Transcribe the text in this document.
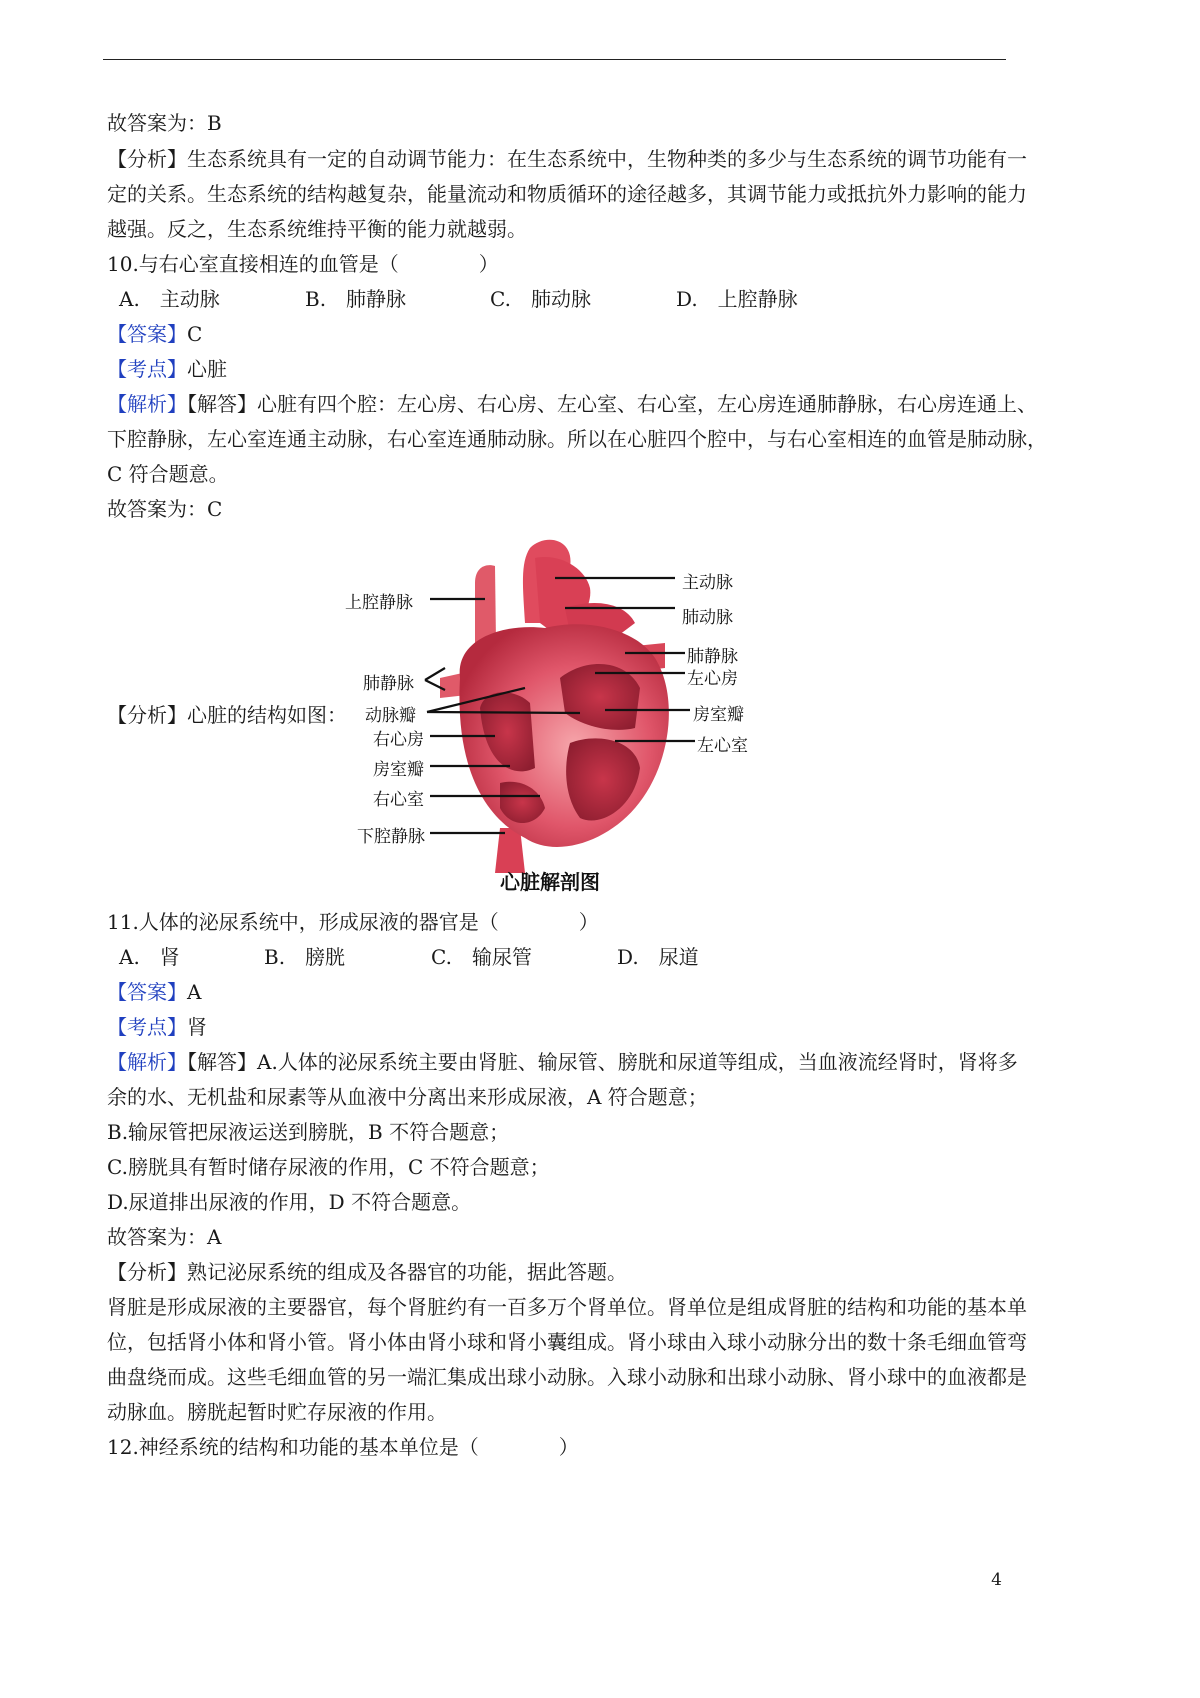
故答案为：B
【分析】生态系统具有一定的自动调节能力：在生态系统中，生物种类的多少与生态系统的调节功能有一
定的关系。生态系统的结构越复杂，能量流动和物质循环的途径越多，其调节能力或抵抗外力影响的能力
越强。反之，生态系统维持平衡的能力就越弱。
10.与右心室直接相连的血管是（　　　　）
A.　主动脉	B.　肺静脉	C.　肺动脉	D.　上腔静脉
【答案】C
【考点】心脏
【解析】【解答】心脏有四个腔：左心房、右心房、左心室、右心室，左心房连通肺静脉，右心房连通上、
下腔静脉，左心室连通主动脉，右心室连通肺动脉。所以在心脏四个腔中，与右心室相连的血管是肺动脉，
C 符合题意。
故答案为：C
【分析】心脏的结构如图：
上腔静脉
肺静脉
动脉瓣
右心房
房室瓣
右心室
下腔静脉
主动脉
肺动脉
肺静脉
左心房
房室瓣
左心室
心脏解剖图
11.人体的泌尿系统中，形成尿液的器官是（　　　　）
A.　肾	B.　膀胱	C.　输尿管	D.　尿道
【答案】A
【考点】肾
【解析】【解答】A.人体的泌尿系统主要由肾脏、输尿管、膀胱和尿道等组成，当血液流经肾时，肾将多
余的水、无机盐和尿素等从血液中分离出来形成尿液，A 符合题意；
B.输尿管把尿液运送到膀胱，B 不符合题意；
C.膀胱具有暂时储存尿液的作用，C 不符合题意；
D.尿道排出尿液的作用，D 不符合题意。
故答案为：A
【分析】熟记泌尿系统的组成及各器官的功能，据此答题。
肾脏是形成尿液的主要器官，每个肾脏约有一百多万个肾单位。肾单位是组成肾脏的结构和功能的基本单
位，包括肾小体和肾小管。肾小体由肾小球和肾小囊组成。肾小球由入球小动脉分出的数十条毛细血管弯
曲盘绕而成。这些毛细血管的另一端汇集成出球小动脉。入球小动脉和出球小动脉、肾小球中的血液都是
动脉血。膀胱起暂时贮存尿液的作用。
12.神经系统的结构和功能的基本单位是（　　　　）
4
